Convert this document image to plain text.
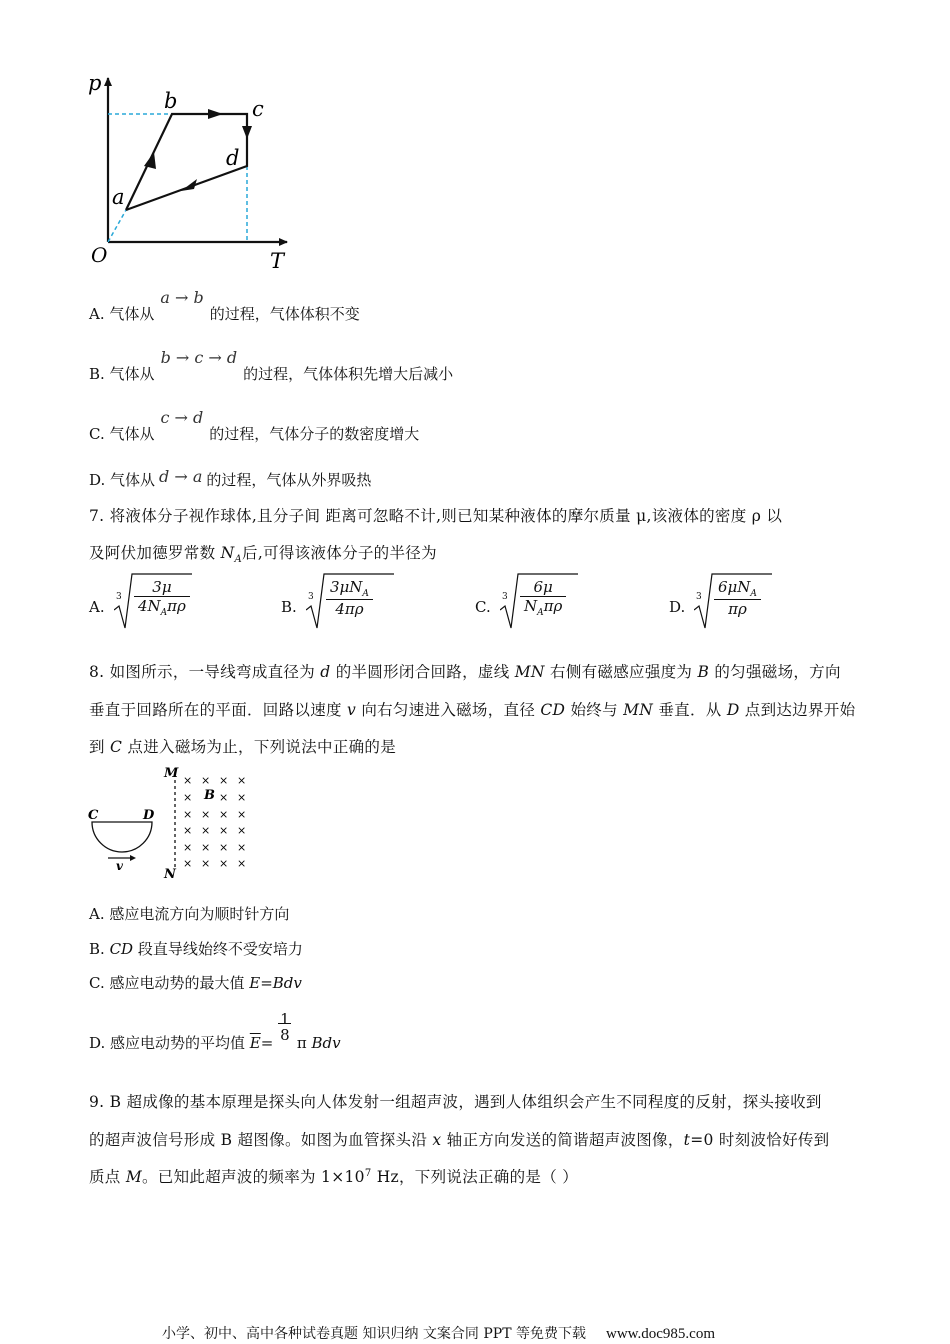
p
T
O
a
b	c
d
A. 气体从a → b的过程，气体体积不变
B. 气体从b → c → d的过程，气体体积先增大后减小
C. 气体从c → d的过程，气体分子的数密度增大
D. 气体从 d → a 的过程，气体从外界吸热
7. 将液体分子视作球体,且分子间 距离可忽略不计,则已知某种液体的摩尔质量 μ,该液体的密度 ρ 以
及阿伏加德罗常数 $N_A$后,可得该液体分子的半径为
A.
3
3μ
$4N_A\pi\rho$	B.
3
$3\mu N_A$
4πρ	C.
3
6μ
$N_A\pi\rho$	D.
3
$6\mu N_A$
πρ
8. 如图所示，一导线弯成直径为 d 的半圆形闭合回路，虚线 MN 右侧有磁感应强度为 B 的匀强磁场，方向
垂直于回路所在的平面．回路以速度 v 向右匀速进入磁场，直径 CD 始终与 MN 垂直．从 D 点到达边界开始
到 C 点进入磁场为止，下列说法中正确的是
M
N
C	D
v
B
× × × ×
× × ×
× × × ×
× × × ×
× × × ×
× × × ×
A. 感应电流方向为顺时针方向
B. CD 段直导线始终不受安培力
C. 感应电动势的最大值 E=Bdv
D. 感应电动势的平均值 $\overline{E}= \frac{1}{8}$ π Bdv
9. B 超成像的基本原理是探头向人体发射一组超声波，遇到人体组织会产生不同程度的反射，探头接收到
的超声波信号形成 B 超图像。如图为血管探头沿 x 轴正方向发送的简谐超声波图像，t=0 时刻波恰好传到
质点 M。已知此超声波的频率为 $1\times 10^7$ Hz，下列说法正确的是（ ）
小学、初中、高中各种试卷真题 知识归纳 文案合同 PPT 等免费下载 www.doc985.com
